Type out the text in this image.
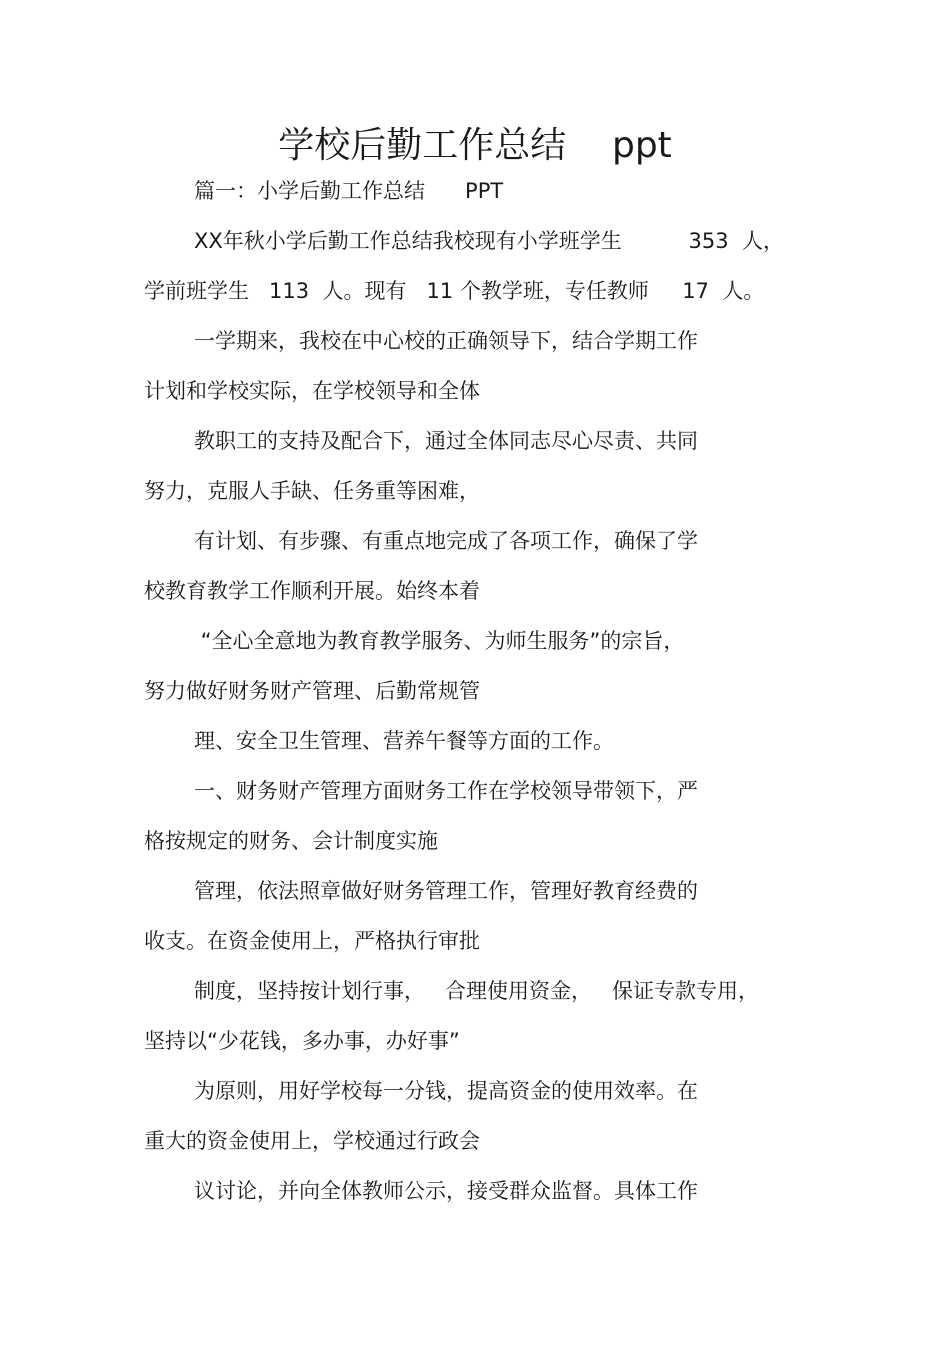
学校后勤工作总结    ppt
篇一：小学后勤工作总结      PPT
XX年秋小学后勤工作总结我校现有小学班学生          353  人，
学前班学生   113  人。现有   11 个教学班，专任教师     17  人。
一学期来，我校在中心校的正确领导下，结合学期工作
计划和学校实际，在学校领导和全体
教职工的支持及配合下，通过全体同志尽心尽责、共同
努力，克服人手缺、任务重等困难，
有计划、有步骤、有重点地完成了各项工作，确保了学
校教育教学工作顺利开展。始终本着
“全心全意地为教育教学服务、为师生服务”的宗旨，
努力做好财务财产管理、后勤常规管
理、安全卫生管理、营养午餐等方面的工作。
一、财务财产管理方面财务工作在学校领导带领下，严
格按规定的财务、会计制度实施
管理，依法照章做好财务管理工作，管理好教育经费的
收支。在资金使用上，严格执行审批
制度，坚持按计划行事，   合理使用资金，   保证专款专用，
坚持以“少花钱，多办事，办好事”
为原则，用好学校每一分钱，提高资金的使用效率。在
重大的资金使用上，学校通过行政会
议讨论，并向全体教师公示，接受群众监督。具体工作
